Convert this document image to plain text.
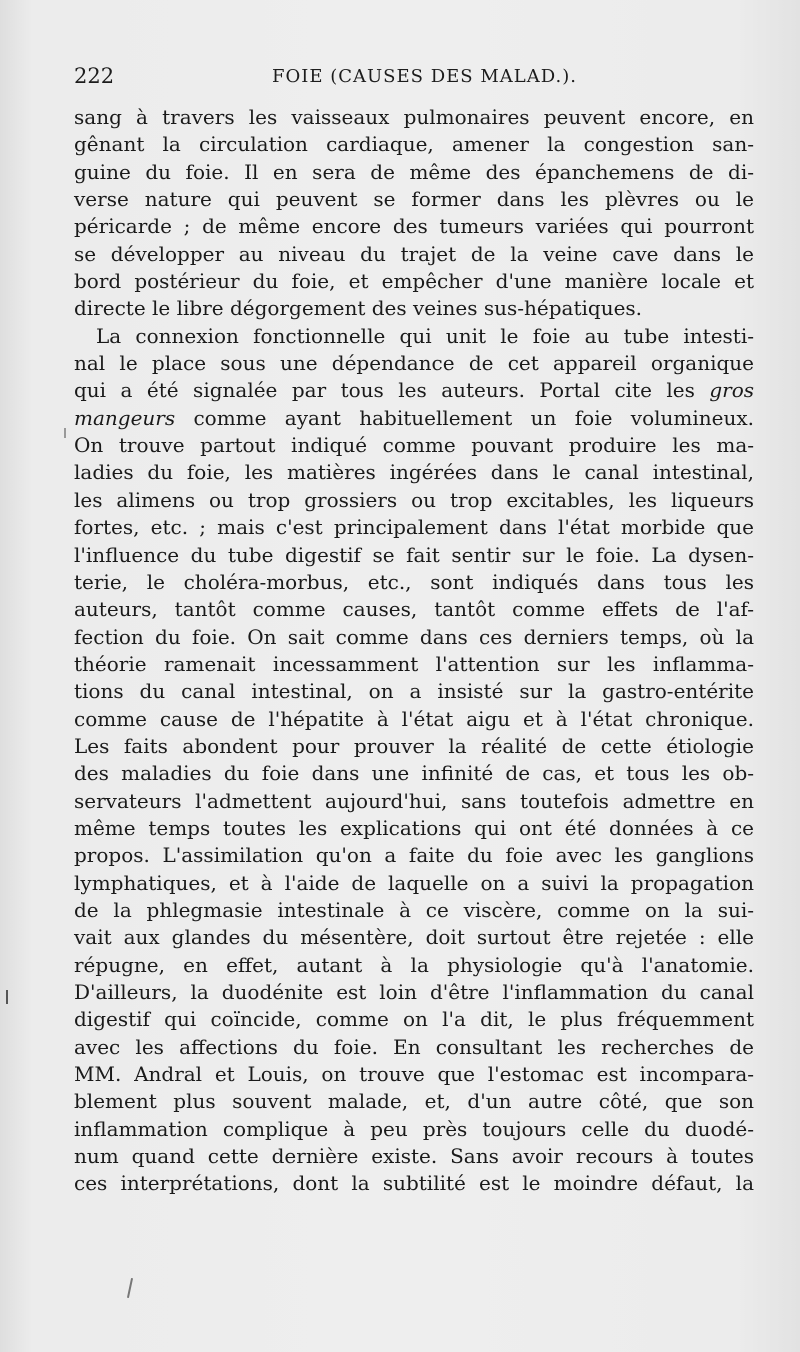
222	FOIE (CAUSES DES MALAD.).
sang à travers les vaisseaux pulmonaires peuvent encore, en
gênant la circulation cardiaque, amener la congestion san-
guine du foie. Il en sera de même des épanchemens de di-
verse nature qui peuvent se former dans les plèvres ou le
péricarde ; de même encore des tumeurs variées qui pourront
se développer au niveau du trajet de la veine cave dans le
bord postérieur du foie, et empêcher d'une manière locale et
directe le libre dégorgement des veines sus-hépatiques.
La connexion fonctionnelle qui unit le foie au tube intesti-
nal le place sous une dépendance de cet appareil organique
qui a été signalée par tous les auteurs. Portal cite les gros
mangeurs comme ayant habituellement un foie volumineux.
On trouve partout indiqué comme pouvant produire les ma-
ladies du foie, les matières ingérées dans le canal intestinal,
les alimens ou trop grossiers ou trop excitables, les liqueurs
fortes, etc. ; mais c'est principalement dans l'état morbide que
l'influence du tube digestif se fait sentir sur le foie. La dysen-
terie, le choléra-morbus, etc., sont indiqués dans tous les
auteurs, tantôt comme causes, tantôt comme effets de l'af-
fection du foie. On sait comme dans ces derniers temps, où la
théorie ramenait incessamment l'attention sur les inflamma-
tions du canal intestinal, on a insisté sur la gastro-entérite
comme cause de l'hépatite à l'état aigu et à l'état chronique.
Les faits abondent pour prouver la réalité de cette étiologie
des maladies du foie dans une infinité de cas, et tous les ob-
servateurs l'admettent aujourd'hui, sans toutefois admettre en
même temps toutes les explications qui ont été données à ce
propos. L'assimilation qu'on a faite du foie avec les ganglions
lymphatiques, et à l'aide de laquelle on a suivi la propagation
de la phlegmasie intestinale à ce viscère, comme on la sui-
vait aux glandes du mésentère, doit surtout être rejetée : elle
répugne, en effet, autant à la physiologie qu'à l'anatomie.
D'ailleurs, la duodénite est loin d'être l'inflammation du canal
digestif qui coïncide, comme on l'a dit, le plus fréquemment
avec les affections du foie. En consultant les recherches de
MM. Andral et Louis, on trouve que l'estomac est incompara-
blement plus souvent malade, et, d'un autre côté, que son
inflammation complique à peu près toujours celle du duodé-
num quand cette dernière existe. Sans avoir recours à toutes
ces interprétations, dont la subtilité est le moindre défaut, la
